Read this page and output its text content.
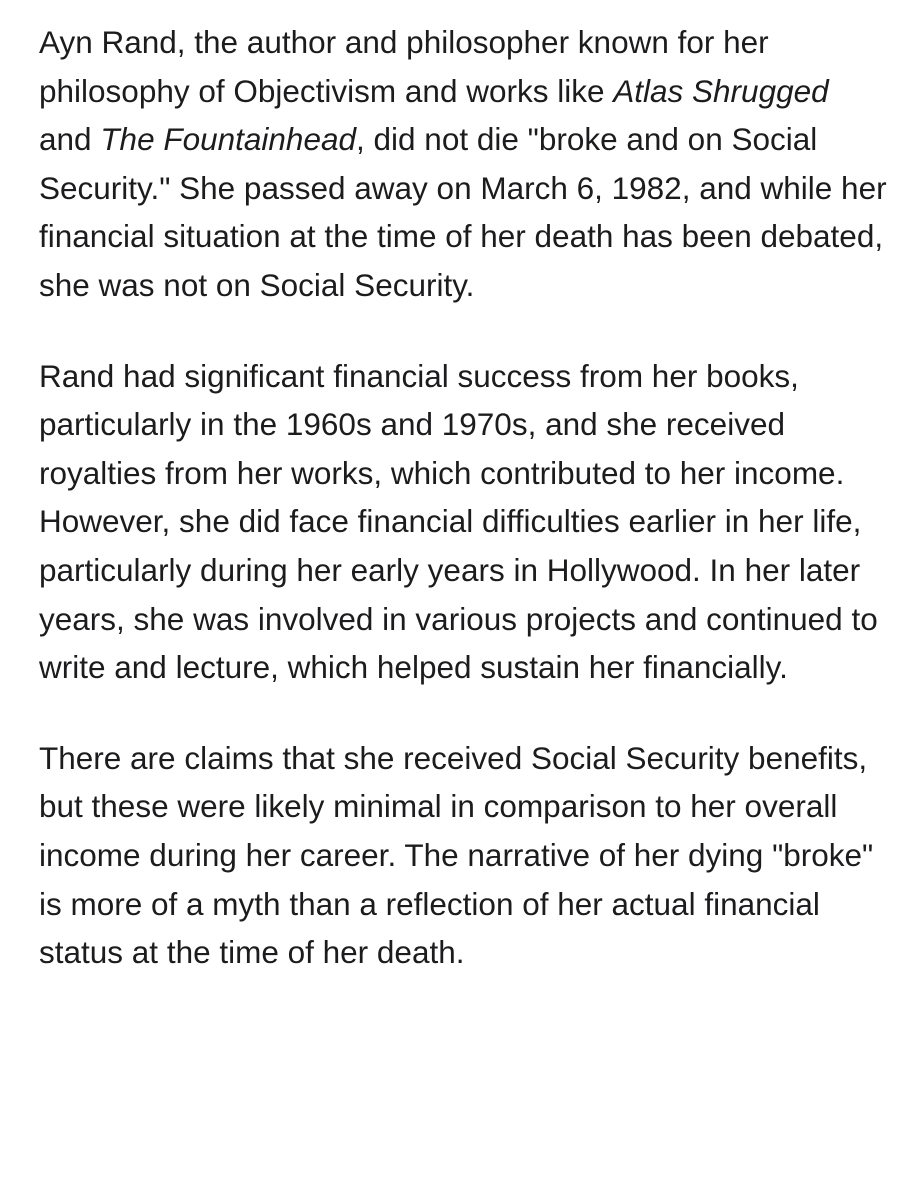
Ayn Rand, the author and philosopher known for her philosophy of Objectivism and works like Atlas Shrugged and The Fountainhead, did not die "broke and on Social Security." She passed away on March 6, 1982, and while her financial situation at the time of her death has been debated, she was not on Social Security.

Rand had significant financial success from her books, particularly in the 1960s and 1970s, and she received royalties from her works, which contributed to her income. However, she did face financial difficulties earlier in her life, particularly during her early years in Hollywood. In her later years, she was involved in various projects and continued to write and lecture, which helped sustain her financially.

There are claims that she received Social Security benefits, but these were likely minimal in comparison to her overall income during her career. The narrative of her dying "broke" is more of a myth than a reflection of her actual financial status at the time of her death.
